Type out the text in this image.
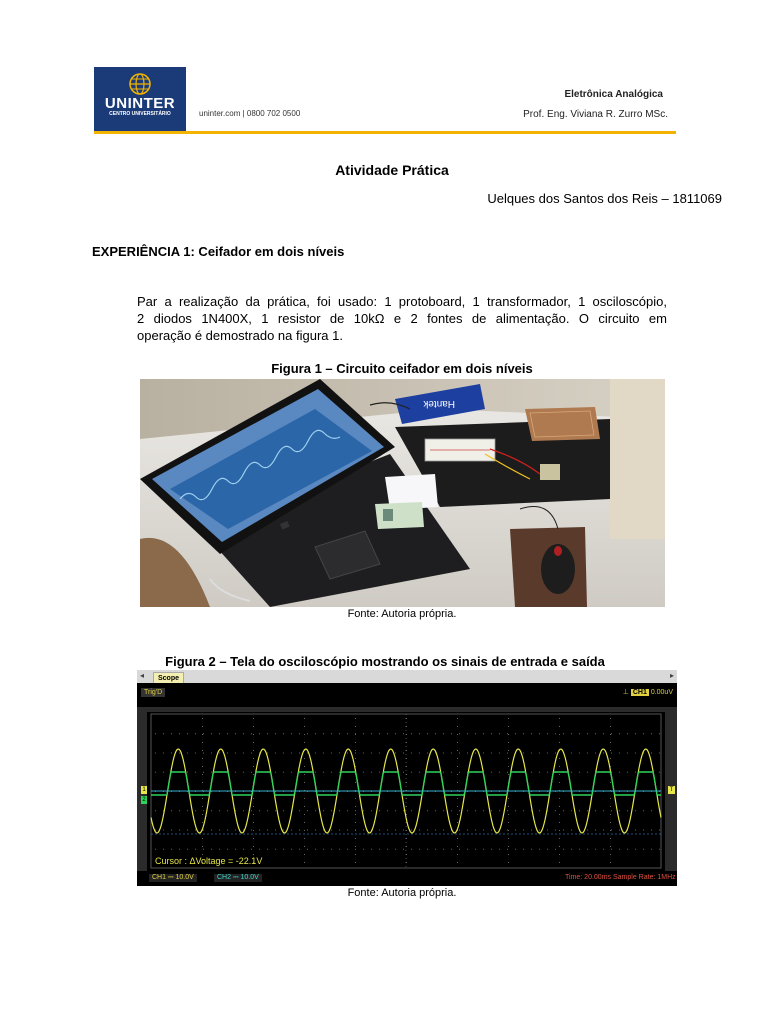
UNINTER
CENTRO UNIVERSITÁRIO	uninter.com | 0800 702 0500
Eletrônica Analógica
Prof. Eng. Viviana R. Zurro MSc.
Atividade Prática
Uelques dos Santos dos Reis – 1811069
EXPERIÊNCIA 1: Ceifador em dois níveis
Par a realização da prática, foi usado: 1 protoboard, 1 transformador, 1 osciloscópio,
2 diodos 1N400X, 1 resistor de 10kΩ e 2 fontes de alimentação. O circuito em
operação é demostrado na figura 1.
Figura 1 – Circuito ceifador em dois níveis
Hantek
Fonte: Autoria própria.
Figura 2 – Tela do osciloscópio mostrando os sinais de entrada e saída
◂	Scope	▸
Trig'D	⊥ CH1 0.00uV
Cursor : ΔVoltage = -22.1V
1
2
T
CH1 ⎓ 10.0V	CH2 ⎓ 10.0V	Time: 20.00ms Sample Rate: 1MHz
Fonte: Autoria própria.
